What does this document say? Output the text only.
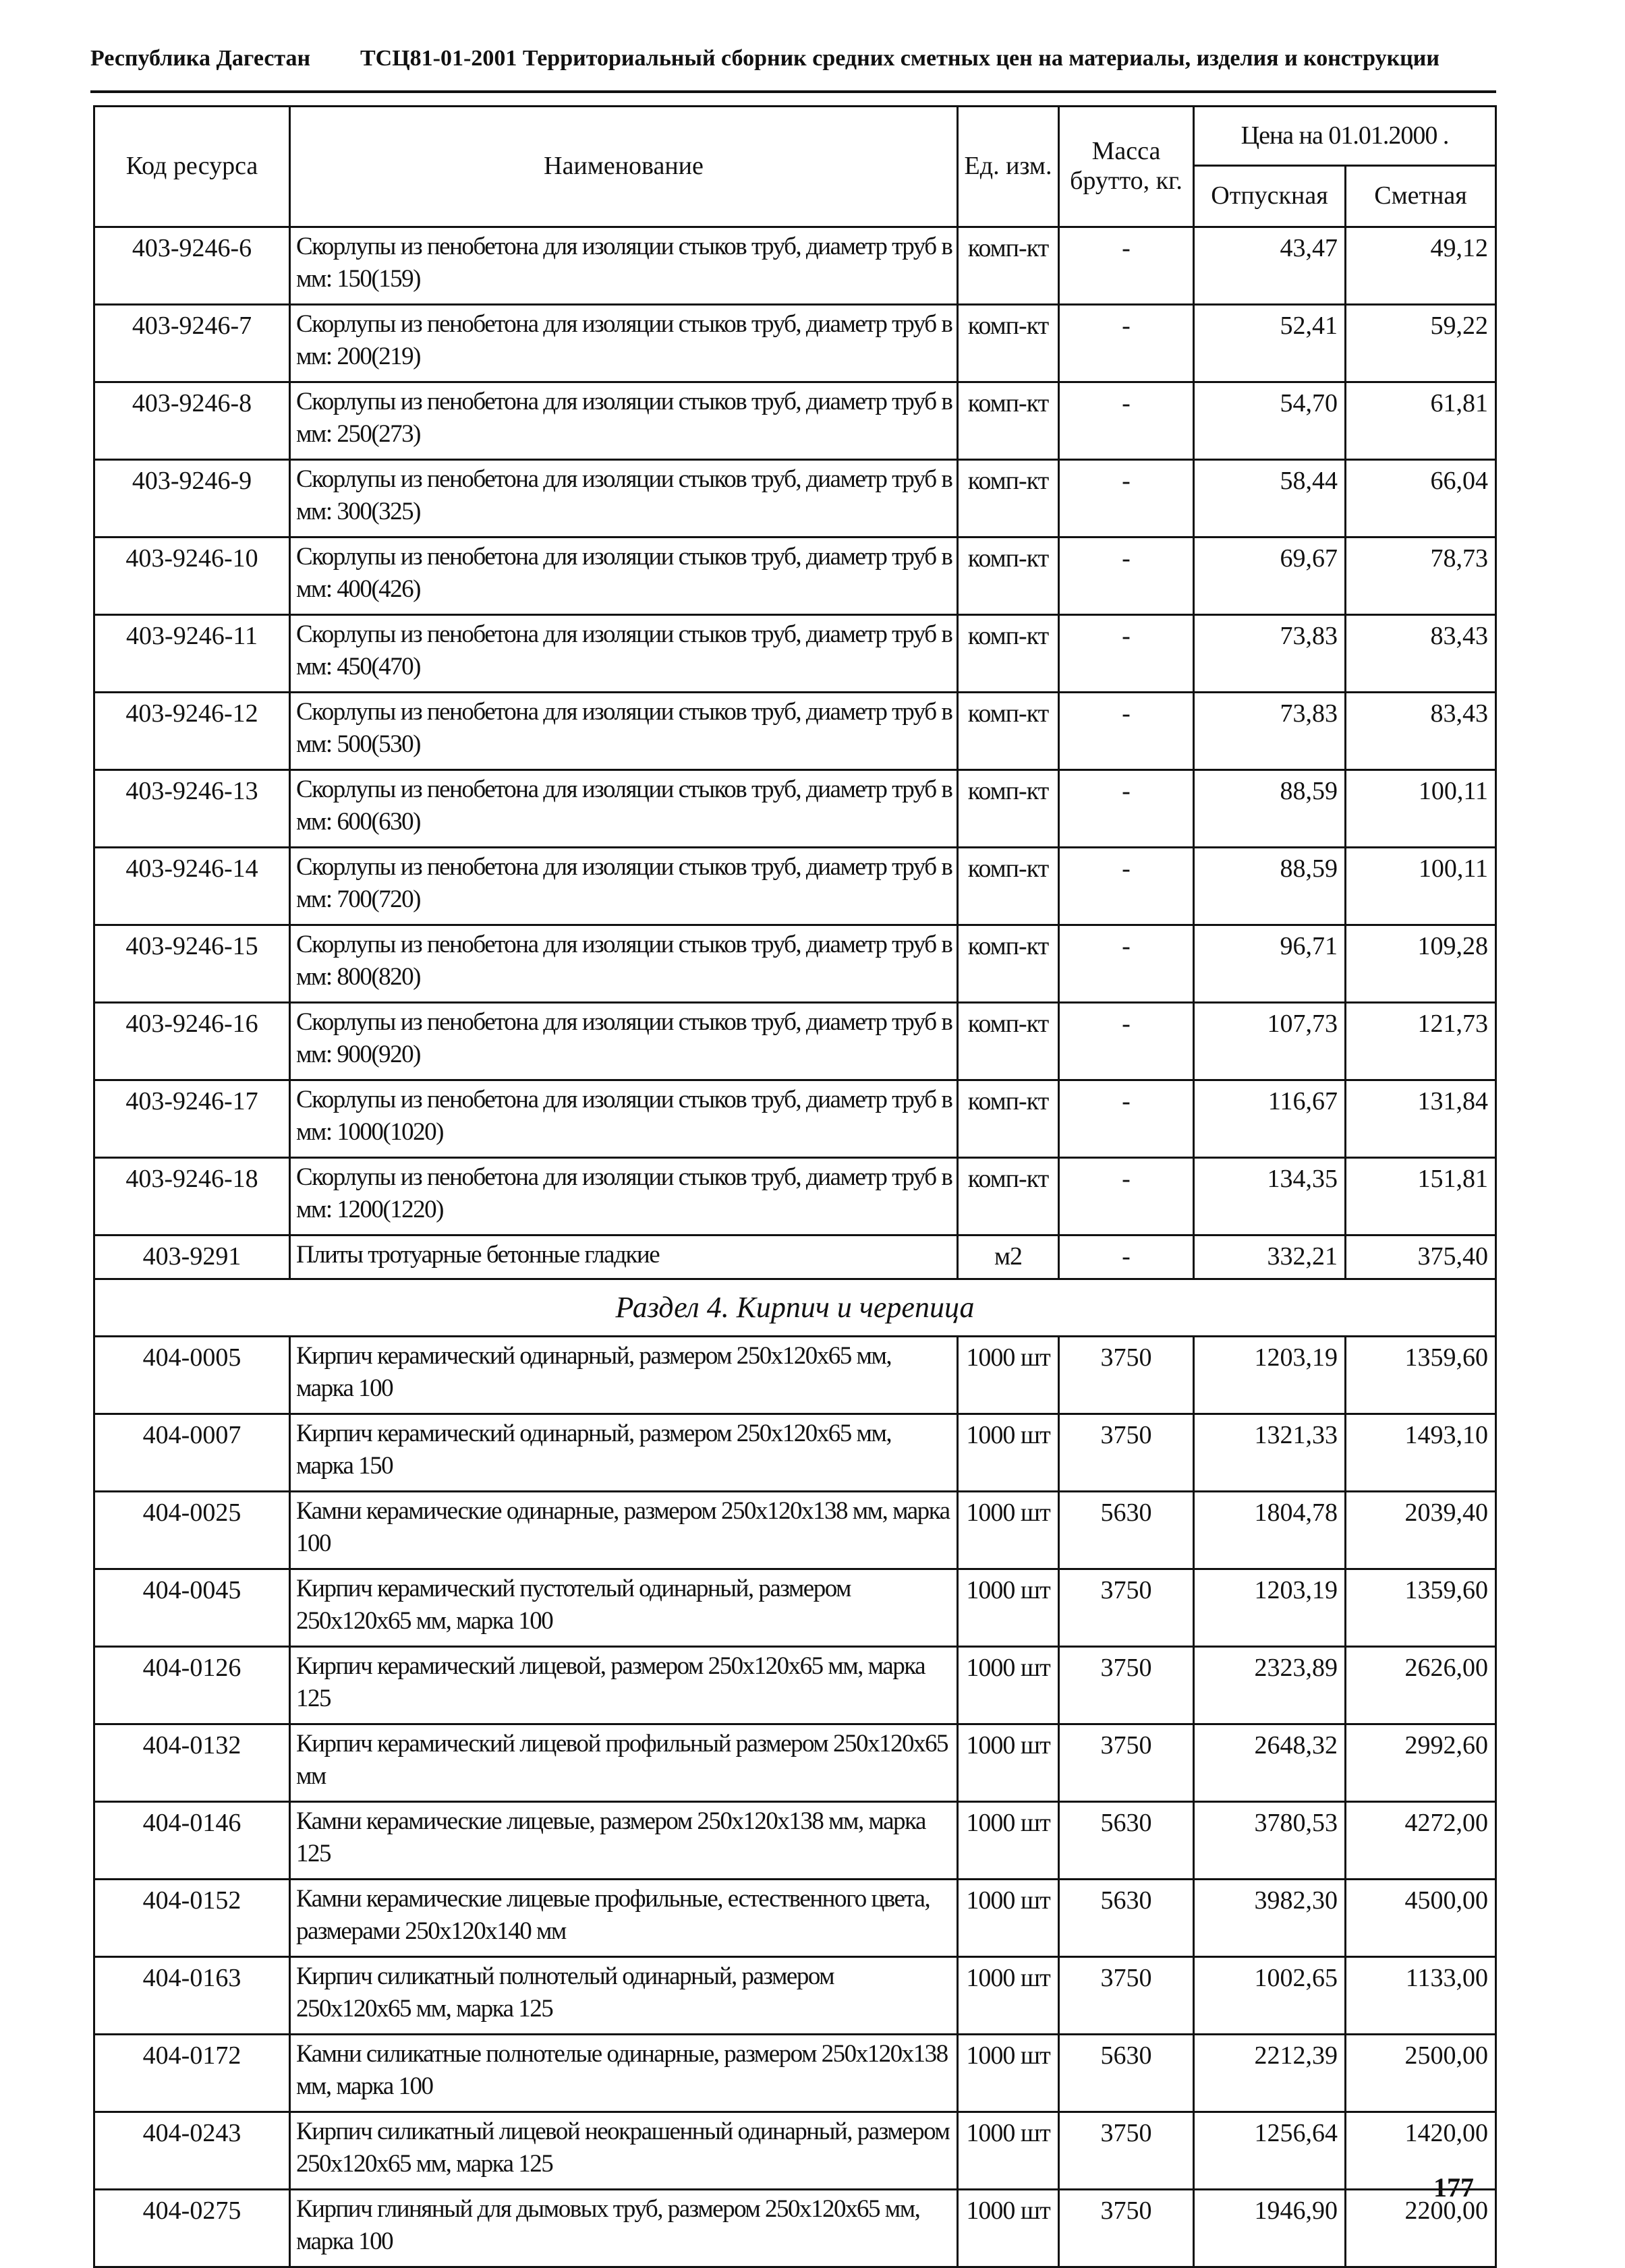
Республика Дагестан ТСЦ81-01-2001 Территориальный сборник средних сметных цен на материалы, изделия и конструкции
Код ресурса	Наименование	Ед. изм.	Масса брутто, кг.	Цена на 01.01.2000 .	
				Отпускная	Сметная
403-9246-6	Скорлупы из пенобетона для изоляции стыков труб, диаметр труб в мм: 150(159)	комп-кт	-	43,47	49,12
403-9246-7	Скорлупы из пенобетона для изоляции стыков труб, диаметр труб в мм: 200(219)	комп-кт	-	52,41	59,22
403-9246-8	Скорлупы из пенобетона для изоляции стыков труб, диаметр труб в мм: 250(273)	комп-кт	-	54,70	61,81
403-9246-9	Скорлупы из пенобетона для изоляции стыков труб, диаметр труб в мм: 300(325)	комп-кт	-	58,44	66,04
403-9246-10	Скорлупы из пенобетона для изоляции стыков труб, диаметр труб в мм: 400(426)	комп-кт	-	69,67	78,73
403-9246-11	Скорлупы из пенобетона для изоляции стыков труб, диаметр труб в мм: 450(470)	комп-кт	-	73,83	83,43
403-9246-12	Скорлупы из пенобетона для изоляции стыков труб, диаметр труб в мм: 500(530)	комп-кт	-	73,83	83,43
403-9246-13	Скорлупы из пенобетона для изоляции стыков труб, диаметр труб в мм: 600(630)	комп-кт	-	88,59	100,11
403-9246-14	Скорлупы из пенобетона для изоляции стыков труб, диаметр труб в мм: 700(720)	комп-кт	-	88,59	100,11
403-9246-15	Скорлупы из пенобетона для изоляции стыков труб, диаметр труб в мм: 800(820)	комп-кт	-	96,71	109,28
403-9246-16	Скорлупы из пенобетона для изоляции стыков труб, диаметр труб в мм: 900(920)	комп-кт	-	107,73	121,73
403-9246-17	Скорлупы из пенобетона для изоляции стыков труб, диаметр труб в мм: 1000(1020)	комп-кт	-	116,67	131,84
403-9246-18	Скорлупы из пенобетона для изоляции стыков труб, диаметр труб в мм: 1200(1220)	комп-кт	-	134,35	151,81
403-9291	Плиты тротуарные бетонные гладкие	м2	-	332,21	375,40
Раздел 4. Кирпич и черепица					
404-0005	Кирпич керамический одинарный, размером 250х120х65 мм, марка 100	1000 шт	3750	1203,19	1359,60
404-0007	Кирпич керамический одинарный, размером 250х120х65 мм, марка 150	1000 шт	3750	1321,33	1493,10
404-0025	Камни керамические одинарные, размером 250х120х138 мм, марка 100	1000 шт	5630	1804,78	2039,40
404-0045	Кирпич керамический пустотелый одинарный, размером 250х120х65 мм, марка 100	1000 шт	3750	1203,19	1359,60
404-0126	Кирпич керамический лицевой, размером 250х120х65 мм, марка 125	1000 шт	3750	2323,89	2626,00
404-0132	Кирпич керамический лицевой профильный размером 250х120х65 мм	1000 шт	3750	2648,32	2992,60
404-0146	Камни керамические лицевые, размером 250х120х138 мм, марка 125	1000 шт	5630	3780,53	4272,00
404-0152	Камни керамические лицевые профильные, естественного цвета, размерами 250х120х140 мм	1000 шт	5630	3982,30	4500,00
404-0163	Кирпич силикатный полнотелый одинарный, размером 250х120х65 мм, марка 125	1000 шт	3750	1002,65	1133,00
404-0172	Камни силикатные полнотелые одинарные, размером 250х120х138 мм, марка 100	1000 шт	5630	2212,39	2500,00
404-0243	Кирпич силикатный лицевой неокрашенный одинарный, размером 250х120х65 мм, марка 125	1000 шт	3750	1256,64	1420,00
404-0275	Кирпич глиняный для дымовых труб, размером 250х120х65 мм, марка 100	1000 шт	3750	1946,90	2200,00
177
